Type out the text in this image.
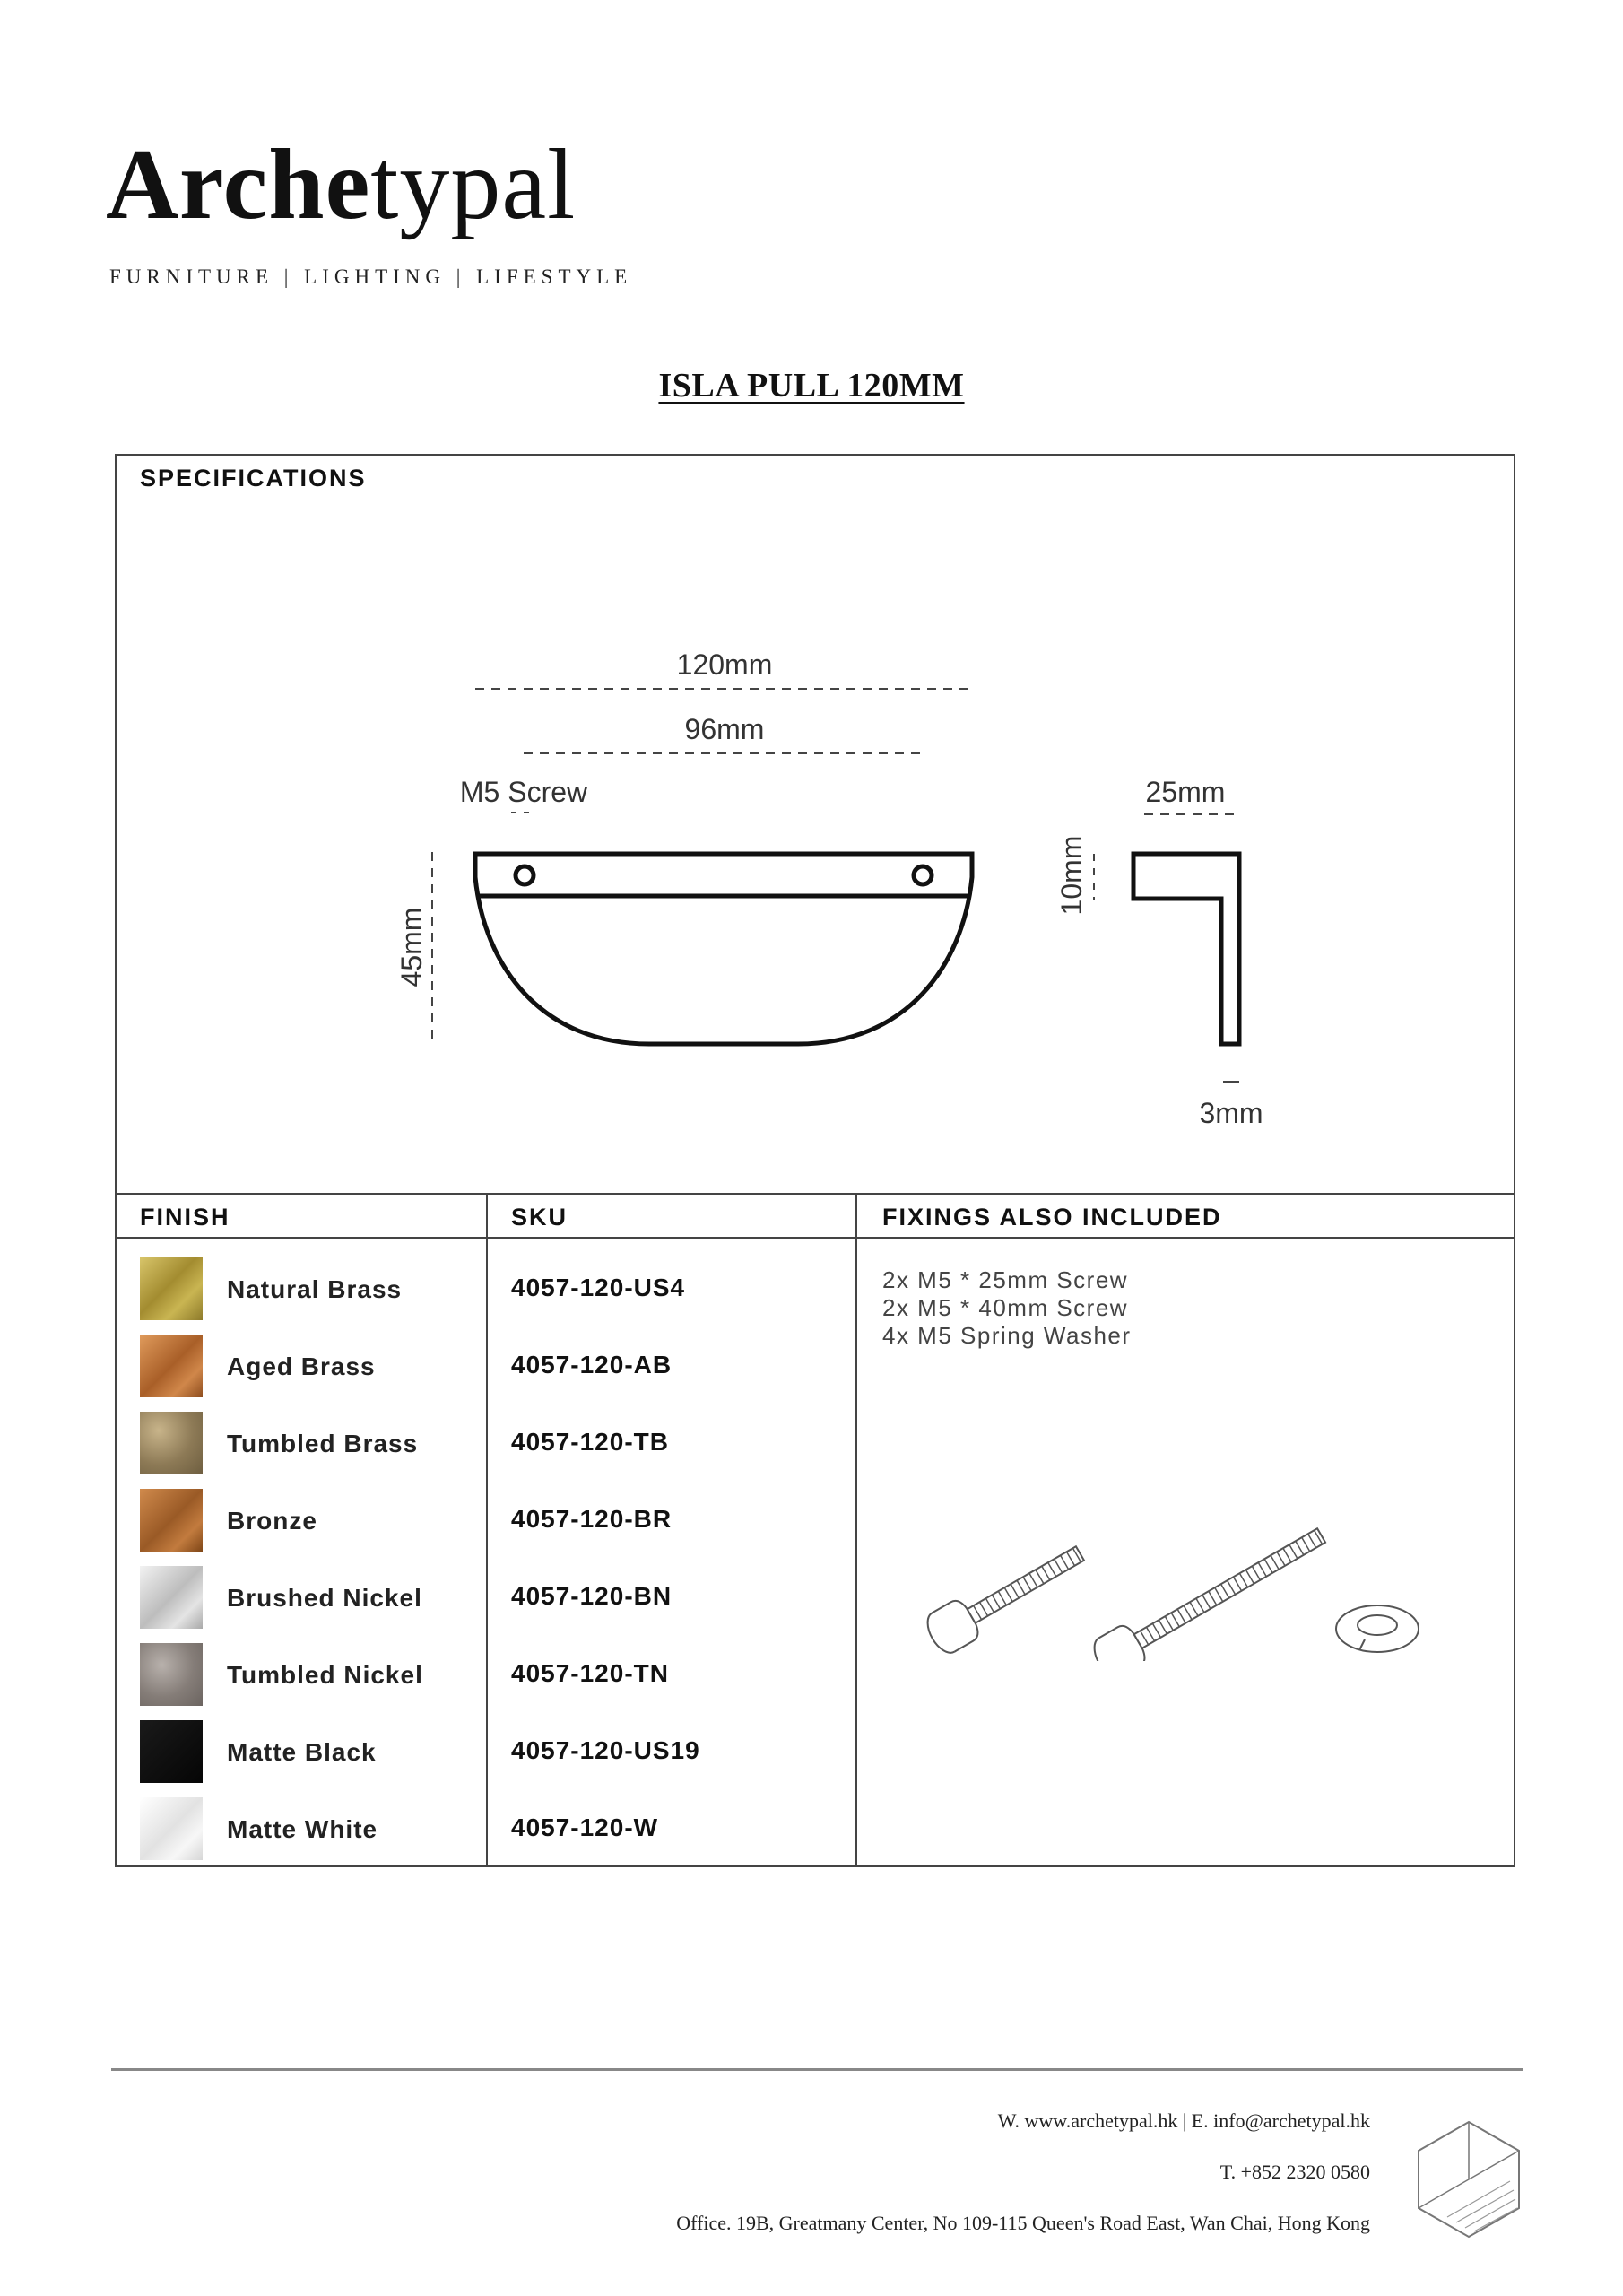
Archetypal
FURNITURE | LIGHTING | LIFESTYLE
ISLA PULL 120MM
SPECIFICATIONS
120mm
96mm
M5 Screw
45mm
25mm
10mm
3mm
FINISH	SKU	FIXINGS ALSO INCLUDED
Natural Brass	4057-120-US4
Aged Brass	4057-120-AB
Tumbled Brass	4057-120-TB
Bronze	4057-120-BR
Brushed Nickel	4057-120-BN
Tumbled Nickel	4057-120-TN
Matte Black	4057-120-US19
Matte White	4057-120-W
2x M5 * 25mm Screw
2x M5 * 40mm Screw
4x M5 Spring Washer
W. www.archetypal.hk | E. info@archetypal.hk
T. +852 2320 0580
Office. 19B, Greatmany Center, No 109-115 Queen's Road East, Wan Chai, Hong Kong
